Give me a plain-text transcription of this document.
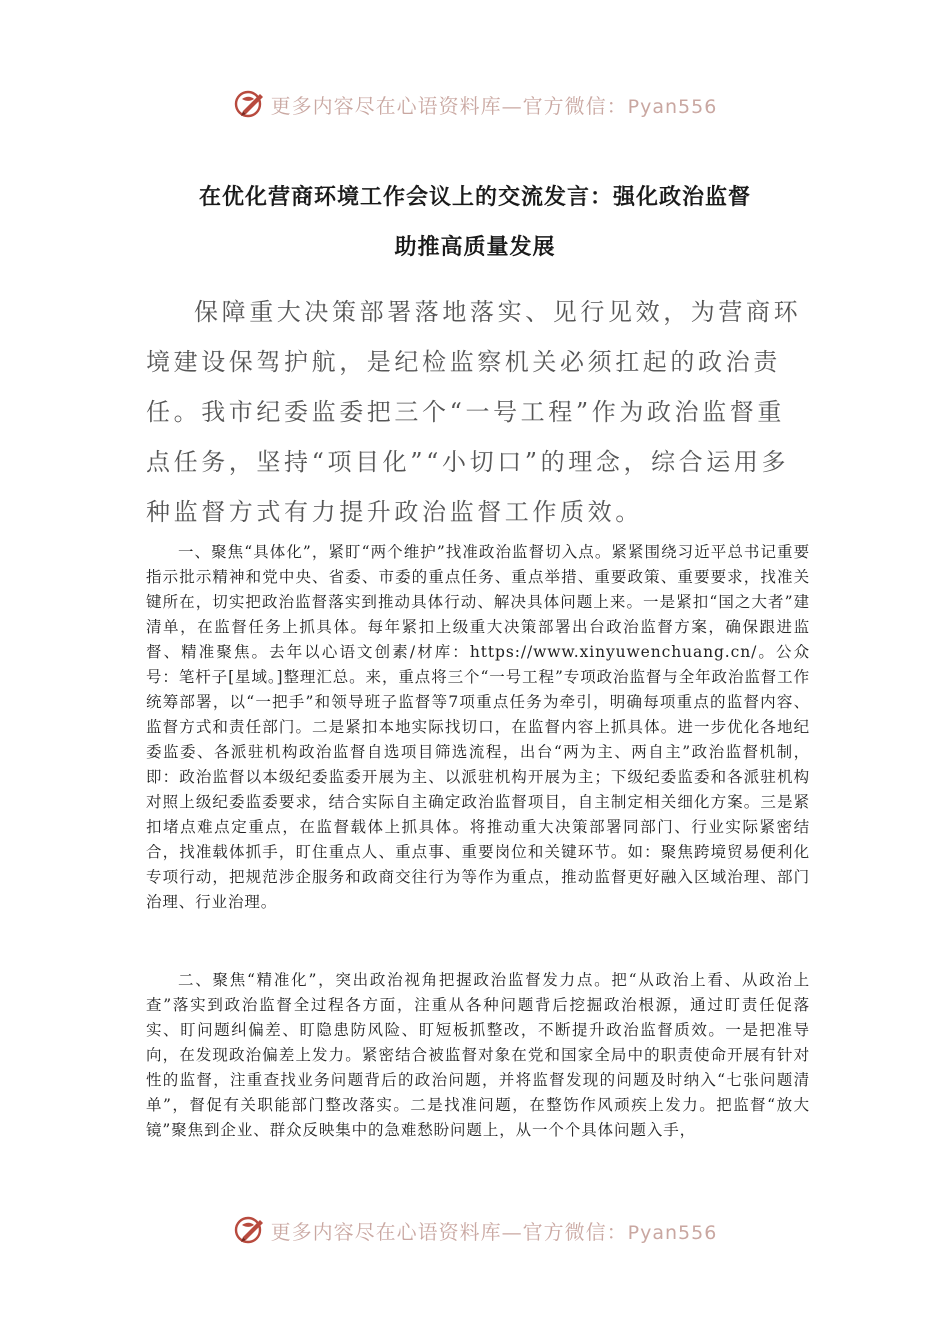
更多内容尽在心语资料库—官方微信：Pyan556
在优化营商环境工作会议上的交流发言：强化政治监督
助推高质量发展

保障重大决策部署落地落实、见行见效，为营商环境建设保驾护航，是纪检监察机关必须扛起的政治责任。我市纪委监委把三个“一号工程”作为政治监督重点任务，坚持“项目化”“小切口”的理念，综合运用多种监督方式有力提升政治监督工作质效。

一、聚焦“具体化”，紧盯“两个维护”找准政治监督切入点。紧紧围绕习近平总书记重要指示批示精神和党中央、省委、市委的重点任务、重点举措、重要政策、重要要求，找准关键所在，切实把政治监督落实到推动具体行动、解决具体问题上来。一是紧扣“国之大者”建清单，在监督任务上抓具体。每年紧扣上级重大决策部署出台政治监督方案，确保跟进监督、精准聚焦。去年以心语文创素/材库：https://www.xinyuwenchuang.cn/。公众号：笔杆子[星域。]整理汇总。来，重点将三个“一号工程”专项政治监督与全年政治监督工作统筹部署，以“一把手”和领导班子监督等7项重点任务为牵引，明确每项重点的监督内容、监督方式和责任部门。二是紧扣本地实际找切口，在监督内容上抓具体。进一步优化各地纪委监委、各派驻机构政治监督自选项目筛选流程，出台“两为主、两自主”政治监督机制，即：政治监督以本级纪委监委开展为主、以派驻机构开展为主；下级纪委监委和各派驻机构对照上级纪委监委要求，结合实际自主确定政治监督项目，自主制定相关细化方案。三是紧扣堵点难点定重点，在监督载体上抓具体。将推动重大决策部署同部门、行业实际紧密结合，找准载体抓手，盯住重点人、重点事、重要岗位和关键环节。如：聚焦跨境贸易便利化专项行动，把规范涉企服务和政商交往行为等作为重点，推动监督更好融入区域治理、部门治理、行业治理。

二、聚焦“精准化”，突出政治视角把握政治监督发力点。把“从政治上看、从政治上查”落实到政治监督全过程各方面，注重从各种问题背后挖掘政治根源，通过盯责任促落实、盯问题纠偏差、盯隐患防风险、盯短板抓整改，不断提升政治监督质效。一是把准导向，在发现政治偏差上发力。紧密结合被监督对象在党和国家全局中的职责使命开展有针对性的监督，注重查找业务问题背后的政治问题，并将监督发现的问题及时纳入“七张问题清单”，督促有关职能部门整改落实。二是找准问题，在整饬作风顽疾上发力。把监督“放大镜”聚焦到企业、群众反映集中的急难愁盼问题上，从一个个具体问题入手，

更多内容尽在心语资料库—官方微信：Pyan556
